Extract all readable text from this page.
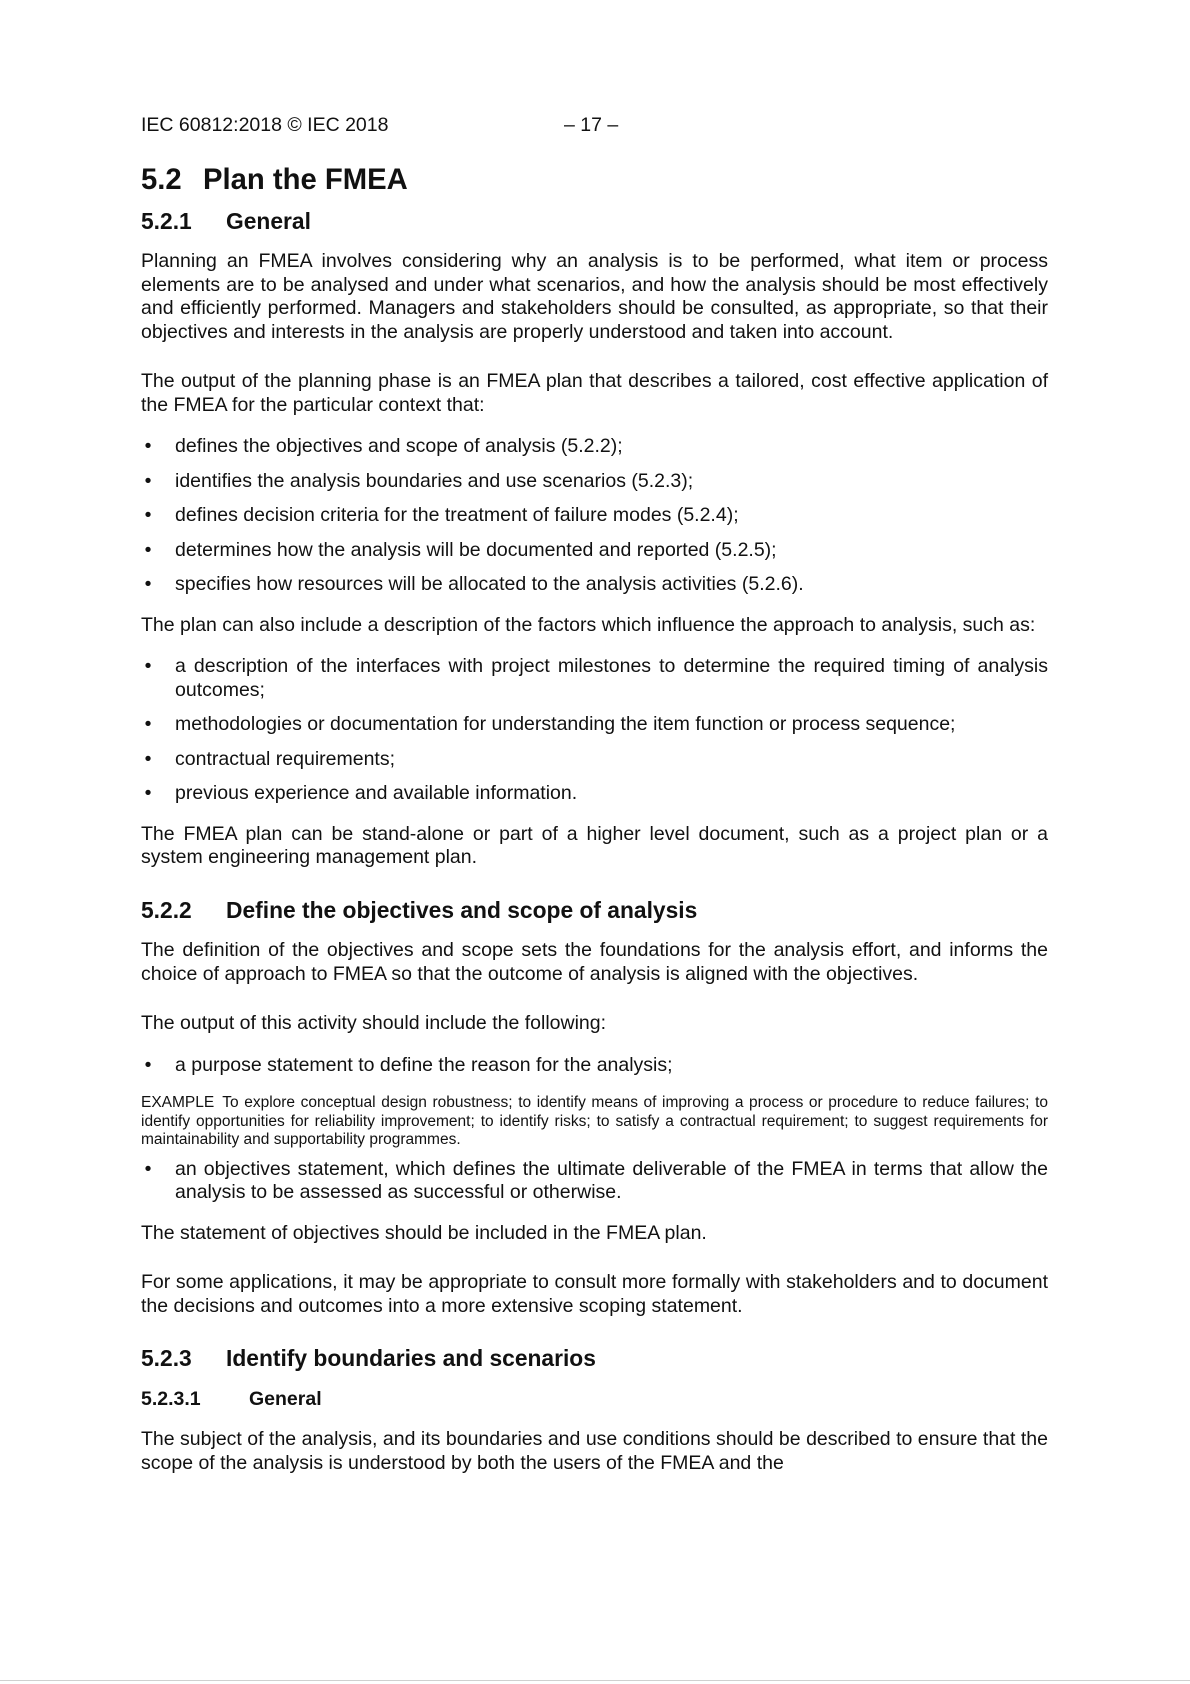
IEC 60812:2018 © IEC 2018	– 17 –
5.2 Plan the FMEA
5.2.1 General

Planning an FMEA involves considering why an analysis is to be performed, what item or process elements are to be analysed and under what scenarios, and how the analysis should be most effectively and efficiently performed. Managers and stakeholders should be consulted, as appropriate, so that their objectives and interests in the analysis are properly understood and taken into account.

The output of the planning phase is an FMEA plan that describes a tailored, cost effective application of the FMEA for the particular context that:

• defines the objectives and scope of analysis (5.2.2);
• identifies the analysis boundaries and use scenarios (5.2.3);
• defines decision criteria for the treatment of failure modes (5.2.4);
• determines how the analysis will be documented and reported (5.2.5);
• specifies how resources will be allocated to the analysis activities (5.2.6).

The plan can also include a description of the factors which influence the approach to analysis, such as:

• a description of the interfaces with project milestones to determine the required timing of analysis outcomes;
• methodologies or documentation for understanding the item function or process sequence;
• contractual requirements;
• previous experience and available information.

The FMEA plan can be stand-alone or part of a higher level document, such as a project plan or a system engineering management plan.

5.2.2 Define the objectives and scope of analysis

The definition of the objectives and scope sets the foundations for the analysis effort, and informs the choice of approach to FMEA so that the outcome of analysis is aligned with the objectives.

The output of this activity should include the following:

• a purpose statement to define the reason for the analysis;

EXAMPLE To explore conceptual design robustness; to identify means of improving a process or procedure to reduce failures; to identify opportunities for reliability improvement; to identify risks; to satisfy a contractual requirement; to suggest requirements for maintainability and supportability programmes.

• an objectives statement, which defines the ultimate deliverable of the FMEA in terms that allow the analysis to be assessed as successful or otherwise.

The statement of objectives should be included in the FMEA plan.

For some applications, it may be appropriate to consult more formally with stakeholders and to document the decisions and outcomes into a more extensive scoping statement.

5.2.3 Identify boundaries and scenarios
5.2.3.1 General

The subject of the analysis, and its boundaries and use conditions should be described to ensure that the scope of the analysis is understood by both the users of the FMEA and the
